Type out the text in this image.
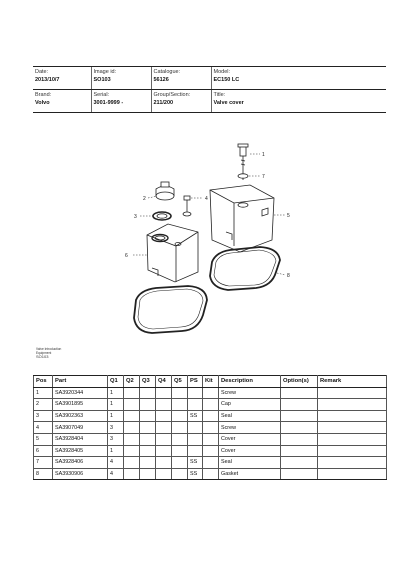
Date:
2013/10/7	Image id:
SO103	Catalogue:
56126	Model:
EC150 LC

Brand:
Volvo	Serial:
3001-9999 -	Group/Section:
211/200	Title:
Valve cover
1
7
2	4
3	5
6
8
Valve Introduction
Equipment
SO103
Pos	Part	Q1	Q2	Q3	Q4	Q5	PS	Kit	Description	Option(s)	Remark
1	SA3920344	1							Screw		
2	SA3901895	1							Cap		
3	SA3902363	1					SS		Seal		
4	SA3907049	3							Screw		
5	SA3928404	3							Cover		
6	SA3928405	1							Cover		
7	SA3928406	4					SS		Seal		
8	SA3930906	4					SS		Gasket		
